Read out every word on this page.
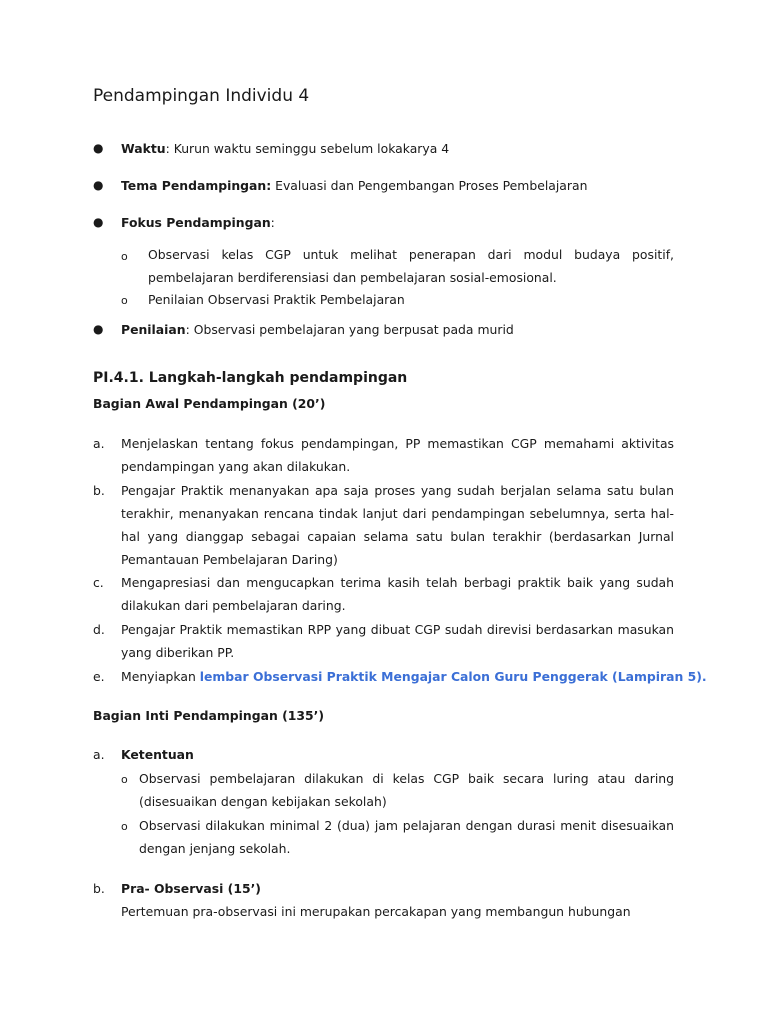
Pendampingan Individu 4
● Waktu: Kurun waktu seminggu sebelum lokakarya 4
● Tema Pendampingan: Evaluasi dan Pengembangan Proses Pembelajaran
● Fokus Pendampingan:
o Observasi kelas CGP untuk melihat penerapan dari modul budaya positif, pembelajaran berdiferensiasi dan pembelajaran sosial-emosional.
o Penilaian Observasi Praktik Pembelajaran
● Penilaian: Observasi pembelajaran yang berpusat pada murid
PI.4.1. Langkah-langkah pendampingan
Bagian Awal Pendampingan (20’)
a. Menjelaskan tentang fokus pendampingan, PP memastikan CGP memahami aktivitas pendampingan yang akan dilakukan.
b. Pengajar Praktik menanyakan apa saja proses yang sudah berjalan selama satu bulan terakhir, menanyakan rencana tindak lanjut dari pendampingan sebelumnya, serta hal-hal yang dianggap sebagai capaian selama satu bulan terakhir (berdasarkan Jurnal Pemantauan Pembelajaran Daring)
c. Mengapresiasi dan mengucapkan terima kasih telah berbagi praktik baik yang sudah dilakukan dari pembelajaran daring.
d. Pengajar Praktik memastikan RPP yang dibuat CGP sudah direvisi berdasarkan masukan yang diberikan PP.
e. Menyiapkan lembar Observasi Praktik Mengajar Calon Guru Penggerak (Lampiran 5).
Bagian Inti Pendampingan (135’)
a. Ketentuan
o Observasi pembelajaran dilakukan di kelas CGP baik secara luring atau daring (disesuaikan dengan kebijakan sekolah)
o Observasi dilakukan minimal 2 (dua) jam pelajaran dengan durasi menit disesuaikan dengan jenjang sekolah.
b. Pra- Observasi (15’)
Pertemuan pra-observasi ini merupakan percakapan yang membangun hubungan
